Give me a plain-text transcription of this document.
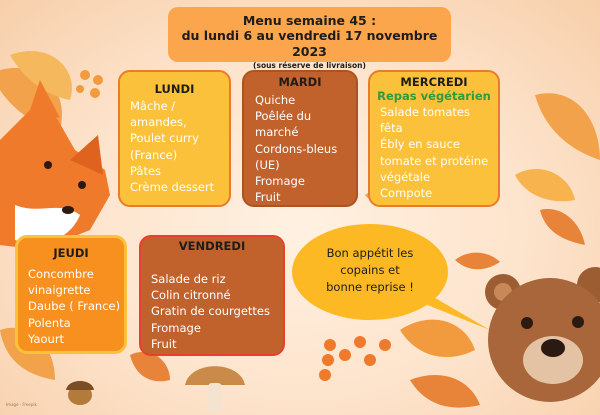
Menu semaine 45 :
du lundi 6 au vendredi 17 novembre 2023
(sous réserve de livraison)
LUNDI
Mâche /
amandes,
Poulet curry
(France)
Pâtes
Crème dessert
MARDI
Quiche
Poêlée du
marché
Cordons-bleus
(UE)
Fromage
Fruit
MERCREDI
Repas végétarien
Salade tomates
fêta
Ébly en sauce
tomate et protéine
végétale
Compote
JEUDI
Concombre
vinaigrette
Daube ( France)
Polenta
Yaourt
VENDREDI
Salade de riz
Colin citronné
Gratin de courgettes
Fromage
Fruit
Bon appétit les
copains et
bonne reprise !
Image · Freepik
